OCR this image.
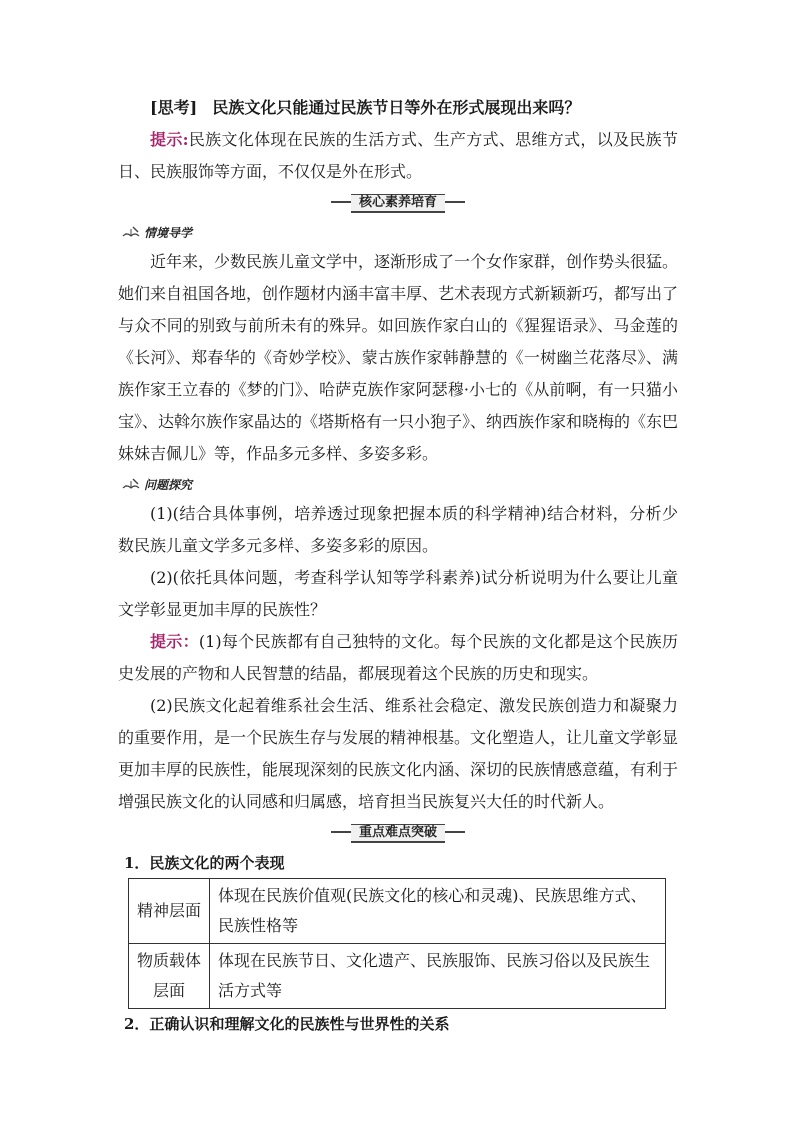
[思考] 民族文化只能通过民族节日等外在形式展现出来吗？

提示:民族文化体现在民族的生活方式、生产方式、思维方式，以及民族节日、民族服饰等方面，不仅仅是外在形式。

核心素养培育
情境导学

近年来，少数民族儿童文学中，逐渐形成了一个女作家群，创作势头很猛。她们来自祖国各地，创作题材内涵丰富丰厚、艺术表现方式新颖新巧，都写出了与众不同的别致与前所未有的殊异。如回族作家白山的《猩猩语录》、马金莲的《长河》、郑春华的《奇妙学校》、蒙古族作家韩静慧的《一树幽兰花落尽》、满族作家王立春的《梦的门》、哈萨克族作家阿瑟穆·小七的《从前啊，有一只猫小宝》、达斡尔族作家晶达的《塔斯格有一只小狍子》、纳西族作家和晓梅的《东巴妹妹吉佩儿》等，作品多元多样、多姿多彩。

问题探究

(1)(结合具体事例，培养透过现象把握本质的科学精神)结合材料，分析少数民族儿童文学多元多样、多姿多彩的原因。

(2)(依托具体问题，考查科学认知等学科素养)试分析说明为什么要让儿童文学彰显更加丰厚的民族性？

提示：(1)每个民族都有自己独特的文化。每个民族的文化都是这个民族历史发展的产物和人民智慧的结晶，都展现着这个民族的历史和现实。

(2)民族文化起着维系社会生活、维系社会稳定、激发民族创造力和凝聚力的重要作用，是一个民族生存与发展的精神根基。文化塑造人，让儿童文学彰显更加丰厚的民族性，能展现深刻的民族文化内涵、深切的民族情感意蕴，有利于增强民族文化的认同感和归属感，培育担当民族复兴大任的时代新人。

重点难点突破
1．民族文化的两个表现
精神层面	体现在民族价值观(民族文化的核心和灵魂)、民族思维方式、民族性格等
物质载体层面	体现在民族节日、文化遗产、民族服饰、民族习俗以及民族生活方式等
2．正确认识和理解文化的民族性与世界性的关系
